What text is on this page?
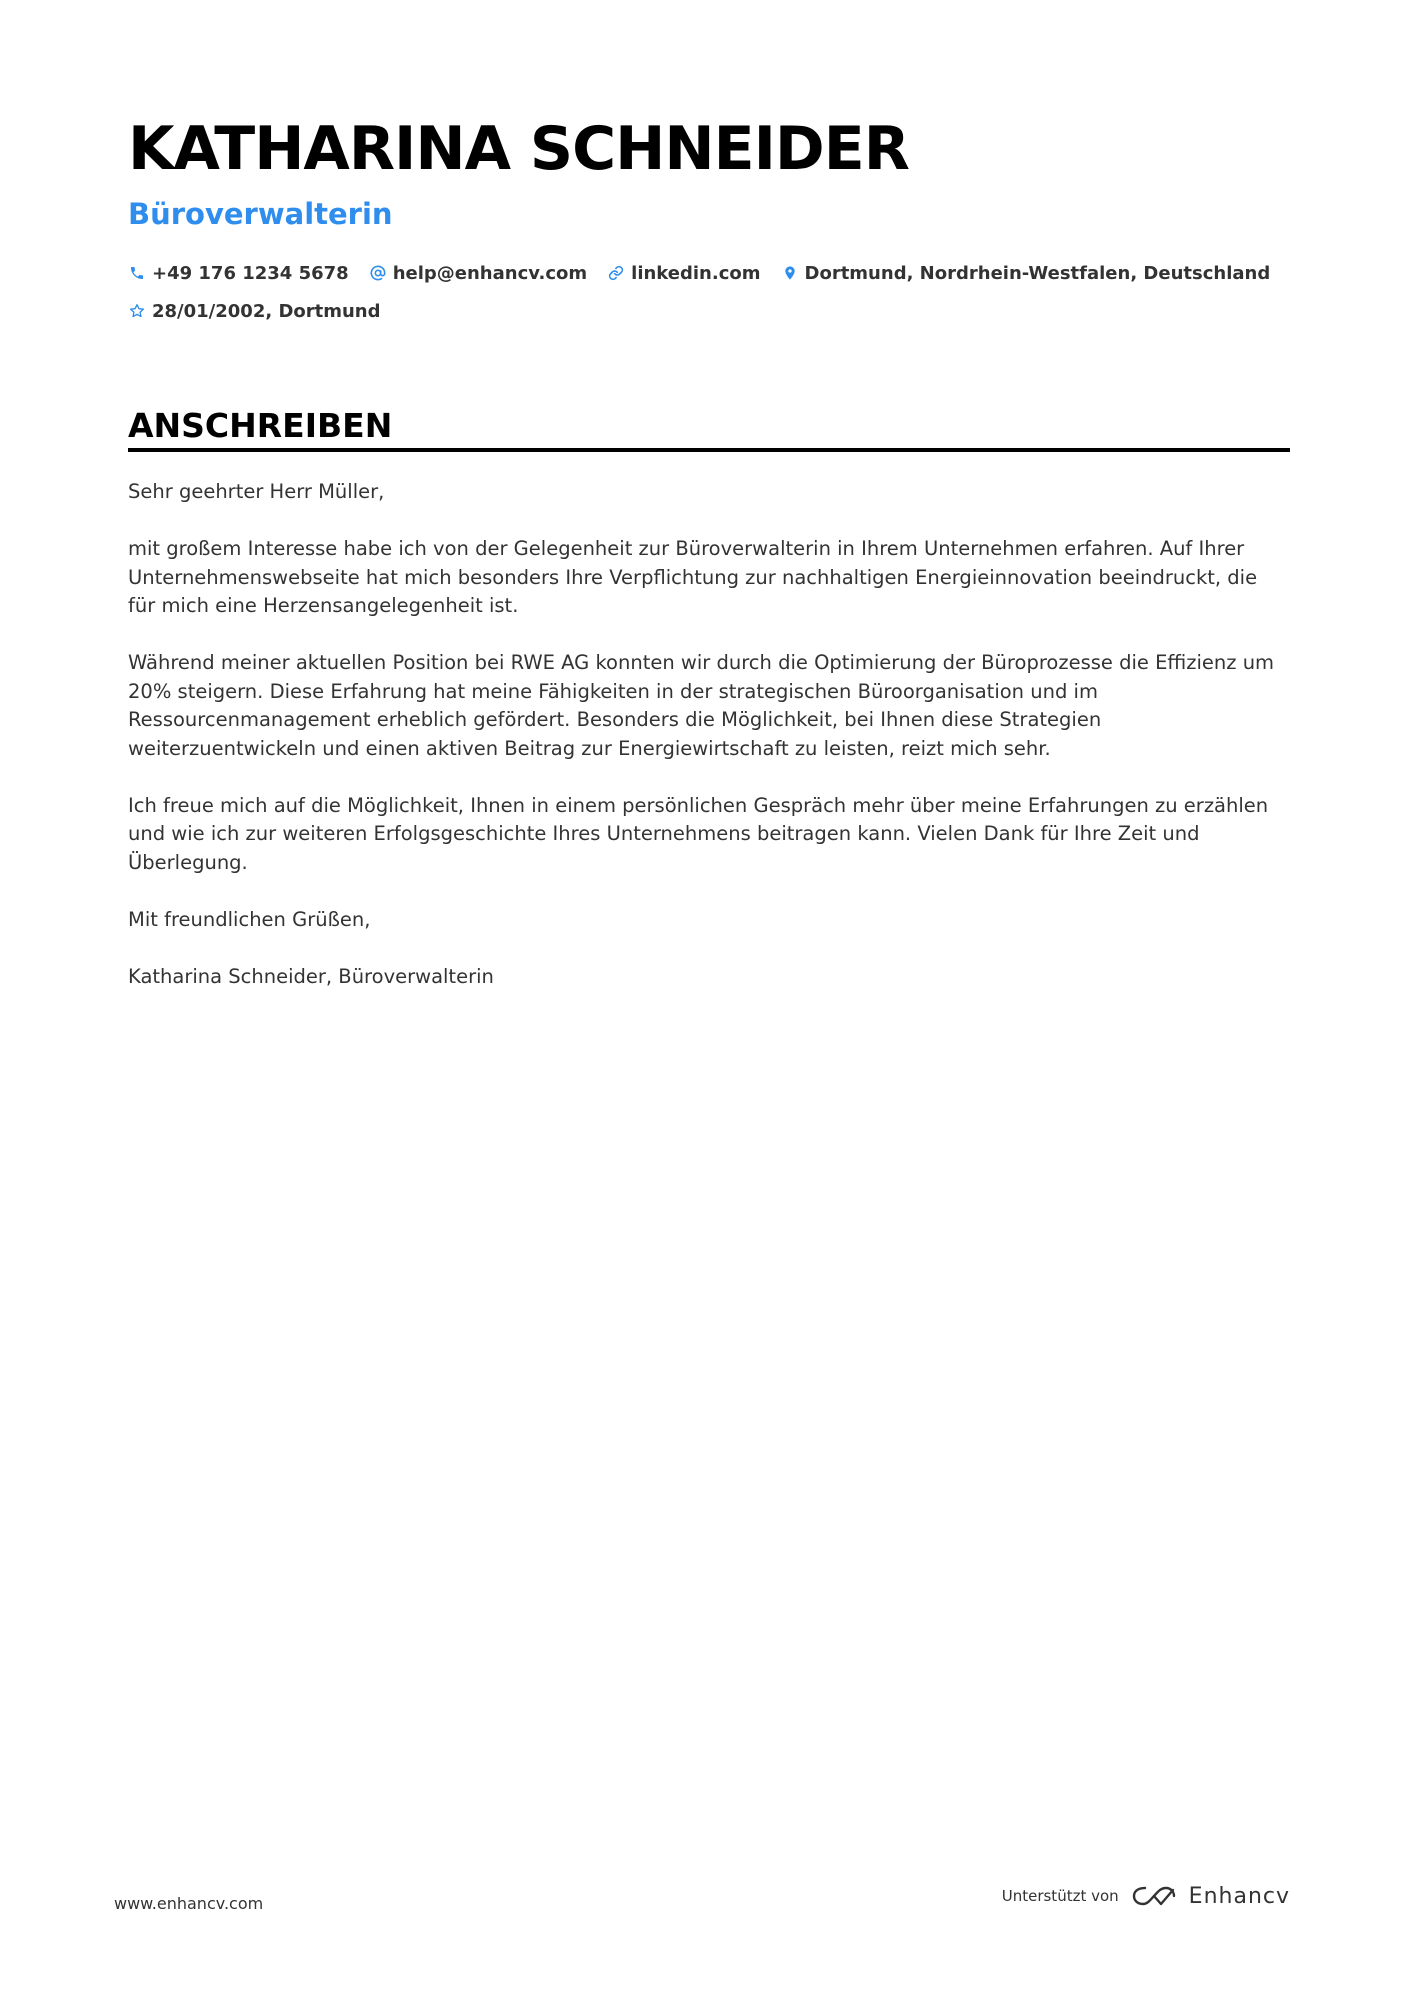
KATHARINA SCHNEIDER
Büroverwalterin
+49 176 1234 5678 help@enhancv.com linkedin.com Dortmund, Nordrhein-Westfalen, Deutschland
28/01/2002, Dortmund
ANSCHREIBEN

Sehr geehrter Herr Müller,

mit großem Interesse habe ich von der Gelegenheit zur Büroverwalterin in Ihrem Unternehmen erfahren. Auf Ihrer Unternehmenswebseite hat mich besonders Ihre Verpflichtung zur nachhaltigen Energieinnovation beeindruckt, die für mich eine Herzensangelegenheit ist.

Während meiner aktuellen Position bei RWE AG konnten wir durch die Optimierung der Büroprozesse die Effizienz um 20% steigern. Diese Erfahrung hat meine Fähigkeiten in der strategischen Büroorganisation und im Ressourcenmanagement erheblich gefördert. Besonders die Möglichkeit, bei Ihnen diese Strategien weiterzuentwickeln und einen aktiven Beitrag zur Energiewirtschaft zu leisten, reizt mich sehr.

Ich freue mich auf die Möglichkeit, Ihnen in einem persönlichen Gespräch mehr über meine Erfahrungen zu erzählen und wie ich zur weiteren Erfolgsgeschichte Ihres Unternehmens beitragen kann. Vielen Dank für Ihre Zeit und Überlegung.

Mit freundlichen Grüßen,

Katharina Schneider, Büroverwalterin

www.enhancv.com	Unterstützt von	Enhancv
